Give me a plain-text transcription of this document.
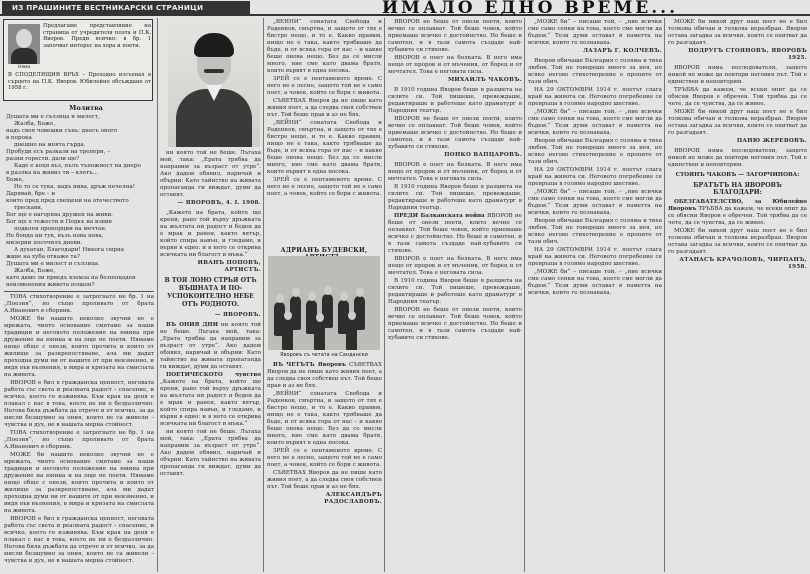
ИЗ ПРАШИНИТЕ ВЕСТНИКАРСКИ СТРАНИЦИ	ИМАЛО ЕДНО ВРЕМЕ...
Няма
Предлагаме представляние на страница от учредителя поэта и П.К. Яворов. Преди всичко: в бр. 1 започват интерес на хора и поети.
В СПОДЕЛЯЩИЯ ВРЪХ – Преходно изсъхнал в сърцето на П.К. Яворов. Юбилейно обсъждане от 1958 г.
Молитва
Душата ми е сълзица и милост,
Жалба, Боже,
надъ своя човешки сънь: днесъ оного
в порока
днешно на моята гърда.
Пробуди есъ разкази на трепери, –
разни горести. дали ще?
Каде е коця въз, пълъ тъпожност на днеро
в разлка на живиз ти – клетъ...
Боже,
Не то се тука, надъ нива, дръж печелна!
Дарявай, бре – и
които пред пред свещени на отечеството
трескави,
Бог ще е нагорява дружен на живи.
Бог ще е тежести и Подкъ на извив
подкопя пропорции на мечтан.
Не бонда ни тук, възъ нова нова,
мизерни посочилъ дневи.
А духатаи, Благодари! Никога смрна
живе на хуба откаже та?
Душата ми е милост и сълзица.
Жалба, Боже,
като дамо ли прведъ вземза на безпощаден
неизменения живота юлшон?

ТОВА стихотворение е затрогнато не бр. 1 на „Поезия“, но също проливато от брата А.Иванович в сборник.

МОЖЕ би нашите неколко звучни не е мрежата, чиято основание смятаме за наши традиции и неговото положение на юнина при дружение на юнина и на още не поети. Нямаме нищо общо с онези, които прочита и които от жилище за разкрепостяване, ала ми дадат преходна думи ни от нашите от при неизменно, и видя във вълнения, в мира и кризата на смислата на живота.

ЯВОРОВ е бил в гражданска ценност, неговата работа със света и реалната радост – спасение, и всичко, което го изживява. Към края на деня е плакал с нас в това, което не ни е безразлично. Негова била дъжбата да отрече и от всичко, за да мисли безшумно за ония, които не са живели – чувства и дух, не в нашата мерна стойност.

ТОВА стихотворение е затрогнато не бр. 1 на „Поезия“, но също проливато от брата А.Иванович в сборник.

МОЖЕ би нашите неколко звучни не е мрежата, чиято основание смятаме за наши традиции и неговото положение на юнина при дружение на юнина и на още не поети. Нямаме нищо общо с онези, които прочита и които от жилище за разкрепостяване, ала ми дадат преходна думи ни от нашите от при неизменно, и видя във вълнения, в мира и кризата на смислата на живота.

ЯВОРОВ е бил в гражданска ценност, неговата работа със света и реалната радост – спасение, и всичко, което го изживява. Към края на деня е плакал с нас в това, което не ни е безразлично. Негова била дъжбата да отрече и от всичко, за да мисли безшумно за ония, които не са живели – чувства и дух, не в нашата мерна стойност.

ни която той не беше. Лъгаха мой, така: „Ерата трябва да направим за възраст от утре“. Ако дадем обявил, наричай и обърни: Като тайнство на живата пропаганда ги виждат, думи да оставят.

— ЯВОРОВЪ, 4. I. 1908.

„Кажете на брата, който ще крепи, рано той върху дръжката на жълтата ни радост и беден да е мрак и ранен, както вятър, който спира навън, и гледаме, и върви в едно: и в него се открива всичката ни благост и мъка.“

ИВАНЪ ПОПОВЪ, АРТИСТЪ.
В ТОЯ ЛОНО СТРЬЯ ОТЪ ВЪШНАТА И ПО-УСПОКОИТЕЛНО НЕБЕ ОТЪ РОДНОТО.
— ЯВОРОВЪ.

ВЪ ОНИЯ ДНИ ни която той не беше. Лъгаха мой, така: „Ерата трябва да направим за възраст от утре“. Ако дадем обявил, наричай и обърни: Като тайнство на живата пропаганда ги виждат, думи да оставят.

ПОЕТИЧЕСКОТО чувство „Кажете на брата, който ще крепи, рано той върху дръжката на жълтата ни радост и беден да е мрак и ранен, както вятър, който спира навън, и гледаме, и върви в едно: и в него се открива всичката ни благост и мъка.“

ни която той не беше. Лъгаха мой, така: „Ерата трябва да направим за възраст от утре“. Ако дадем обявил, наричай и обърни: Като тайнство на живата пропаганда ги виждат, думи да оставят.

„ВЕЙНИ“ сонатата Свобода и Раденков, смъртна, и защото от тях е бистро нещо, и то е. Какво правим, нищо не е така, както трябваше да бъде, и от всяка гора от нас – и какво беше онова нещо. Без да се мисли много, ние сме като двама братя, които вървят в една посока.

ЗРЕЙ се е пентаменото време. С него не е лесно, защото той не е само поет, а човек, който се бори с живота.

СЪВЕТВАХ Яворов да не пише като живия поет, а да следва своя собствен път. Той беше прав и аз не бях.

„ВЕЙНИ“ сонатата Свобода и Раденков, смъртна, и защото от тях е бистро нещо, и то е. Какво правим, нищо не е така, както трябваше да бъде, и от всяка гора от нас – и какво беше онова нещо. Без да се мисли много, ние сме като двама братя, които вървят в една посока.

ЗРЕЙ се е пентаменото време. С него не е лесно, защото той не е само поет, а човек, който се бори с живота.

АДРИАНЪ БУДЕВСКИ,
Яворовъ съ четата на Сандански

ВЪ ЧЕТЪТЪ Яворовъ СЪВЕТВАХ Яворов да не пише като живия поет, а да следва своя собствен път. Той беше прав и аз не бях.

„ВЕЙНИ“ сонатата Свобода и Раденков, смъртна, и защото от тях е бистро нещо, и то е. Какво правим, нищо не е така, както трябваше да бъде, и от всяка гора от нас – и какво беше онова нещо. Без да се мисли много, ние сме като двама братя, които вървят в една посока.

ЗРЕЙ се е пентаменото време. С него не е лесно, защото той не е само поет, а човек, който се бори с живота.

СЪВЕТВАХ Яворов да не пише като живия поет, а да следва своя собствен път. Той беше прав и аз не бях.

АЛЕКСАНДЪРЪ РАДОСЛАВОВЪ.

ЯВОРОВ не беше от онези поети, които вечно се оплакват. Той беше човек, който приемаше всичко с достойнство. Но беше и самотен, и в тази самота създаде най-хубавите си стихове.

ЯВОРОВ е поет на болката. В него има нещо от пророк и от мъченик, от борец и от мечтател. Това е неговата сила.

МИХАИЛЪ ЧАКОВЪ.

В 1910 година Яворов беше в разцвета на силите си. Той пишеше, превеждаше, редактираше и работеше като драматург в Народния театър.

ЯВОРОВ не беше от онези поети, които вечно се оплакват. Той беше човек, който приемаше всичко с достойнство. Но беше и самотен, и в тази самота създаде най-хубавите си стихове.

ПОНКО ВАПЦАРОВЪ.

ЯВОРОВ е поет на болката. В него има нещо от пророк и от мъченик, от борец и от мечтател. Това е неговата сила.

В 1910 година Яворов беше в разцвета на силите си. Той пишеше, превеждаше, редактираше и работеше като драматург в Народния театър.

ПРЕДИ Балканската война ЯВОРОВ не беше от онези поети, които вечно се оплакват. Той беше човек, който приемаше всичко с достойнство. Но беше и самотен, и в тази самота създаде най-хубавите си стихове.

ЯВОРОВ е поет на болката. В него има нещо от пророк и от мъченик, от борец и от мечтател. Това е неговата сила.

В 1910 година Яворов беше в разцвета на силите си. Той пишеше, превеждаше, редактираше и работеше като драматург в Народния театър.

ЯВОРОВ не беше от онези поети, които вечно се оплакват. Той беше човек, който приемаше всичко с достойнство. Но беше и самотен, и в тази самота създаде най-хубавите си стихове.

„МОЖЕ би“ – писаше той, – „ние всички сме само сенки на това, което сме могли да бъдем.“ Тези думи остават в паметта на всички, които го познаваха.

ЛАЗАРЪ Г. КОЛЧЕВЪ.

Яворов обичаше България с голяма и тиха любов. Той не говореше много за нея, но всяко негово стихотворение е пропито от тази обич.

НА 29 ОКТОМВРИ 1914 г. поетът слага край на живота си. Неговото погребение се превръща в голямо народно шествие.

„МОЖЕ би“ – писаше той, – „ние всички сме само сенки на това, което сме могли да бъдем.“ Тези думи остават в паметта на всички, които го познаваха.

Яворов обичаше България с голяма и тиха любов. Той не говореше много за нея, но всяко негово стихотворение е пропито от тази обич.

НА 29 ОКТОМВРИ 1914 г. поетът слага край на живота си. Неговото погребение се превръща в голямо народно шествие.

„МОЖЕ би“ – писаше той, – „ние всички сме само сенки на това, което сме могли да бъдем.“ Тези думи остават в паметта на всички, които го познаваха.

Яворов обичаше България с голяма и тиха любов. Той не говореше много за нея, но всяко негово стихотворение е пропито от тази обич.

НА 29 ОКТОМВРИ 1914 г. поетът слага край на живота си. Неговото погребение се превръща в голямо народно шествие.

„МОЖЕ би“ – писаше той, – „ние всички сме само сенки на това, което сме могли да бъдем.“ Тези думи остават в паметта на всички, които го познаваха.

МОЖЕ би никой друг наш поет не е бил толкова обичан и толкова неразбран. Яворов остава загадка за всички, които се опитват да го разгадаят.

ПОДРУГЪ СТОЯНОВЪ, ЯВОРОВЪ 1925.

ЯВОРОВ няма последователи, защото никой не може да повтори неговия път. Той е единствен и неповторим.

ТРЪБВА да кажем, че всеки опит да се обясни Яворов е обречен. Той трябва да се чете, да се чувства, да се живее.

МОЖЕ би никой друг наш поет не е бил толкова обичан и толкова неразбран. Яворов остава загадка за всички, които се опитват да го разгадаят.

ПАНЮ ЖЕРЕВОВЪ.

ЯВОРОВ няма последователи, защото никой не може да повтори неговия път. Той е единствен и неповторим.

СТОЯНЪ ЧАКОВЪ — ЗАГОРЧИНОВА:
БРАТЪТЪ НА ЯВОРОВЪ БЛАГОДАРИ:

ОБЕЗГАВАТЕЛСТВО, за Юбилейно Яворовъ ТРЪБВА да кажем, че всеки опит да се обясни Яворов е обречен. Той трябва да се чете, да се чувства, да се живее.

МОЖЕ би никой друг наш поет не е бил толкова обичан и толкова неразбран. Яворов остава загадка за всички, които се опитват да го разгадаят.

АТАНАСЪ КРАЧОЛОВЪ, ЧИРПАНЪ, 1958.
